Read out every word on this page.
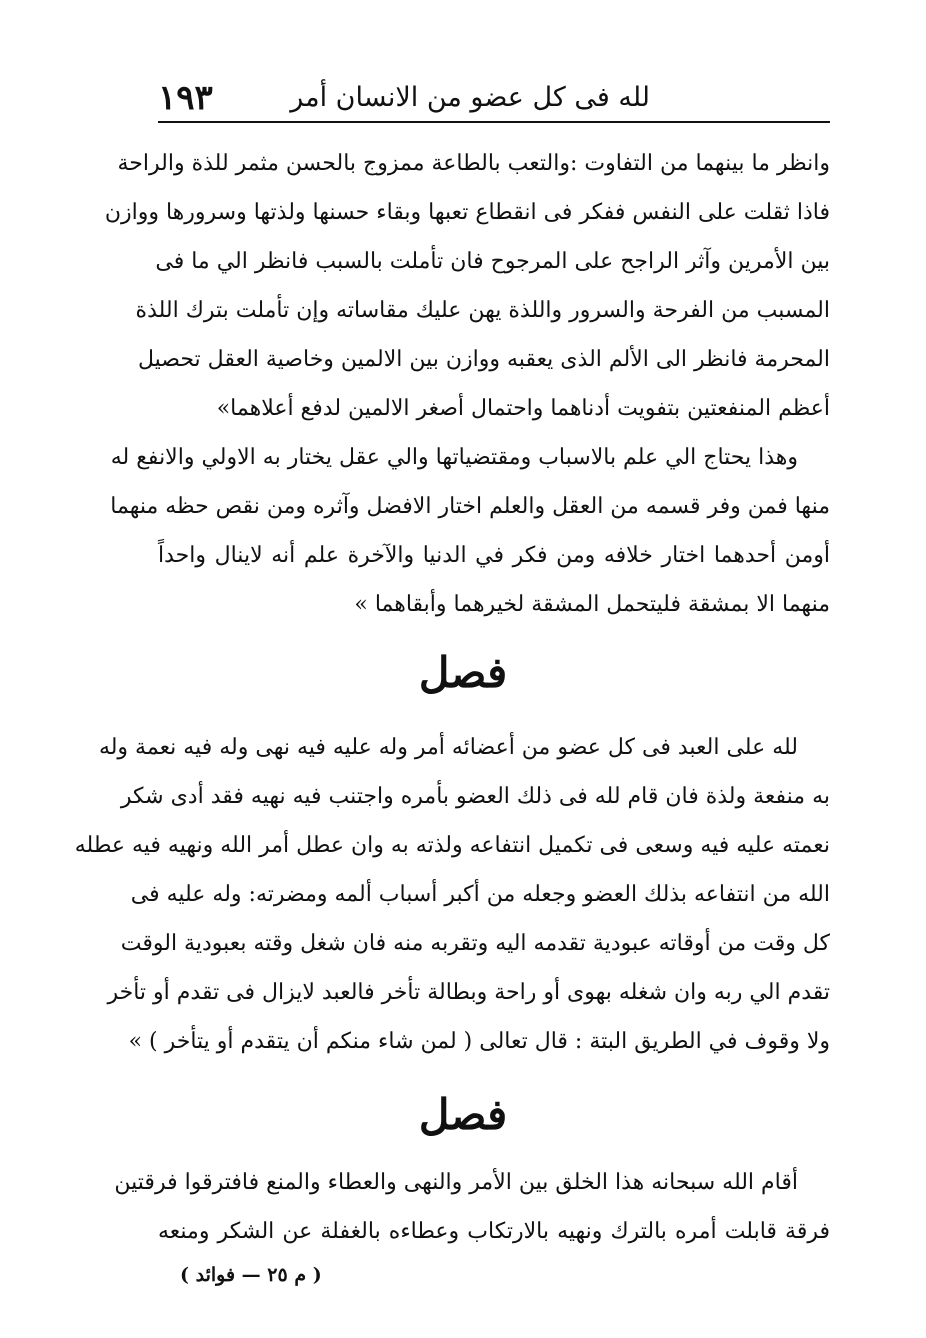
لله فى كل عضو من الانسان أمر
١٩٣
وانظر ما بينهما من التفاوت :والتعب بالطاعة ممزوج بالحسن مثمر للذة والراحة
فاذا ثقلت على النفس ففكر فى انقطاع تعبها وبقاء حسنها ولذتها وسرورها ووازن
بين الأمرين وآثر الراجح على المرجوح فان تأملت بالسبب فانظر الي ما فى
المسبب من الفرحة والسرور واللذة يهن عليك مقاساته وإن تأملت بترك اللذة
المحرمة فانظر الى الألم الذى يعقبه ووازن بين الالمين وخاصية العقل تحصيل
أعظم المنفعتين بتفويت أدناهما واحتمال أصغر الالمين لدفع أعلاهما»
وهذا يحتاج الي علم بالاسباب ومقتضياتها والي عقل يختار به الاولي والانفع له
منها فمن وفر قسمه من العقل والعلم اختار الافضل وآثره ومن نقص حظه منهما
أومن أحدهما اختار خلافه ومن فكر في الدنيا والآخرة علم أنه لاينال واحداً
منهما الا بمشقة فليتحمل المشقة لخيرهما وأبقاهما »
فصل
لله على العبد فى كل عضو من أعضائه أمر وله عليه فيه نهى وله فيه نعمة وله
به منفعة ولذة فان قام لله فى ذلك العضو بأمره واجتنب فيه نهيه فقد أدى شكر
نعمته عليه فيه وسعى فى تكميل انتفاعه ولذته به وان عطل أمر الله ونهيه فيه عطله
الله من انتفاعه بذلك العضو وجعله من أكبر أسباب ألمه ومضرته: وله عليه فى
كل وقت من أوقاته عبودية تقدمه اليه وتقربه منه فان شغل وقته بعبودية الوقت
تقدم الي ربه وان شغله بهوى أو راحة وبطالة تأخر فالعبد لايزال فى تقدم أو تأخر
ولا وقوف في الطريق البتة : قال تعالى ( لمن شاء منكم أن يتقدم أو يتأخر ) »
فصل
أقام الله سبحانه هذا الخلق بين الأمر والنهى والعطاء والمنع فافترقوا فرقتين
فرقة قابلت أمره بالترك ونهيه بالارتكاب وعطاءه بالغفلة عن الشكر ومنعه
( م ٢٥ — فوائد )
